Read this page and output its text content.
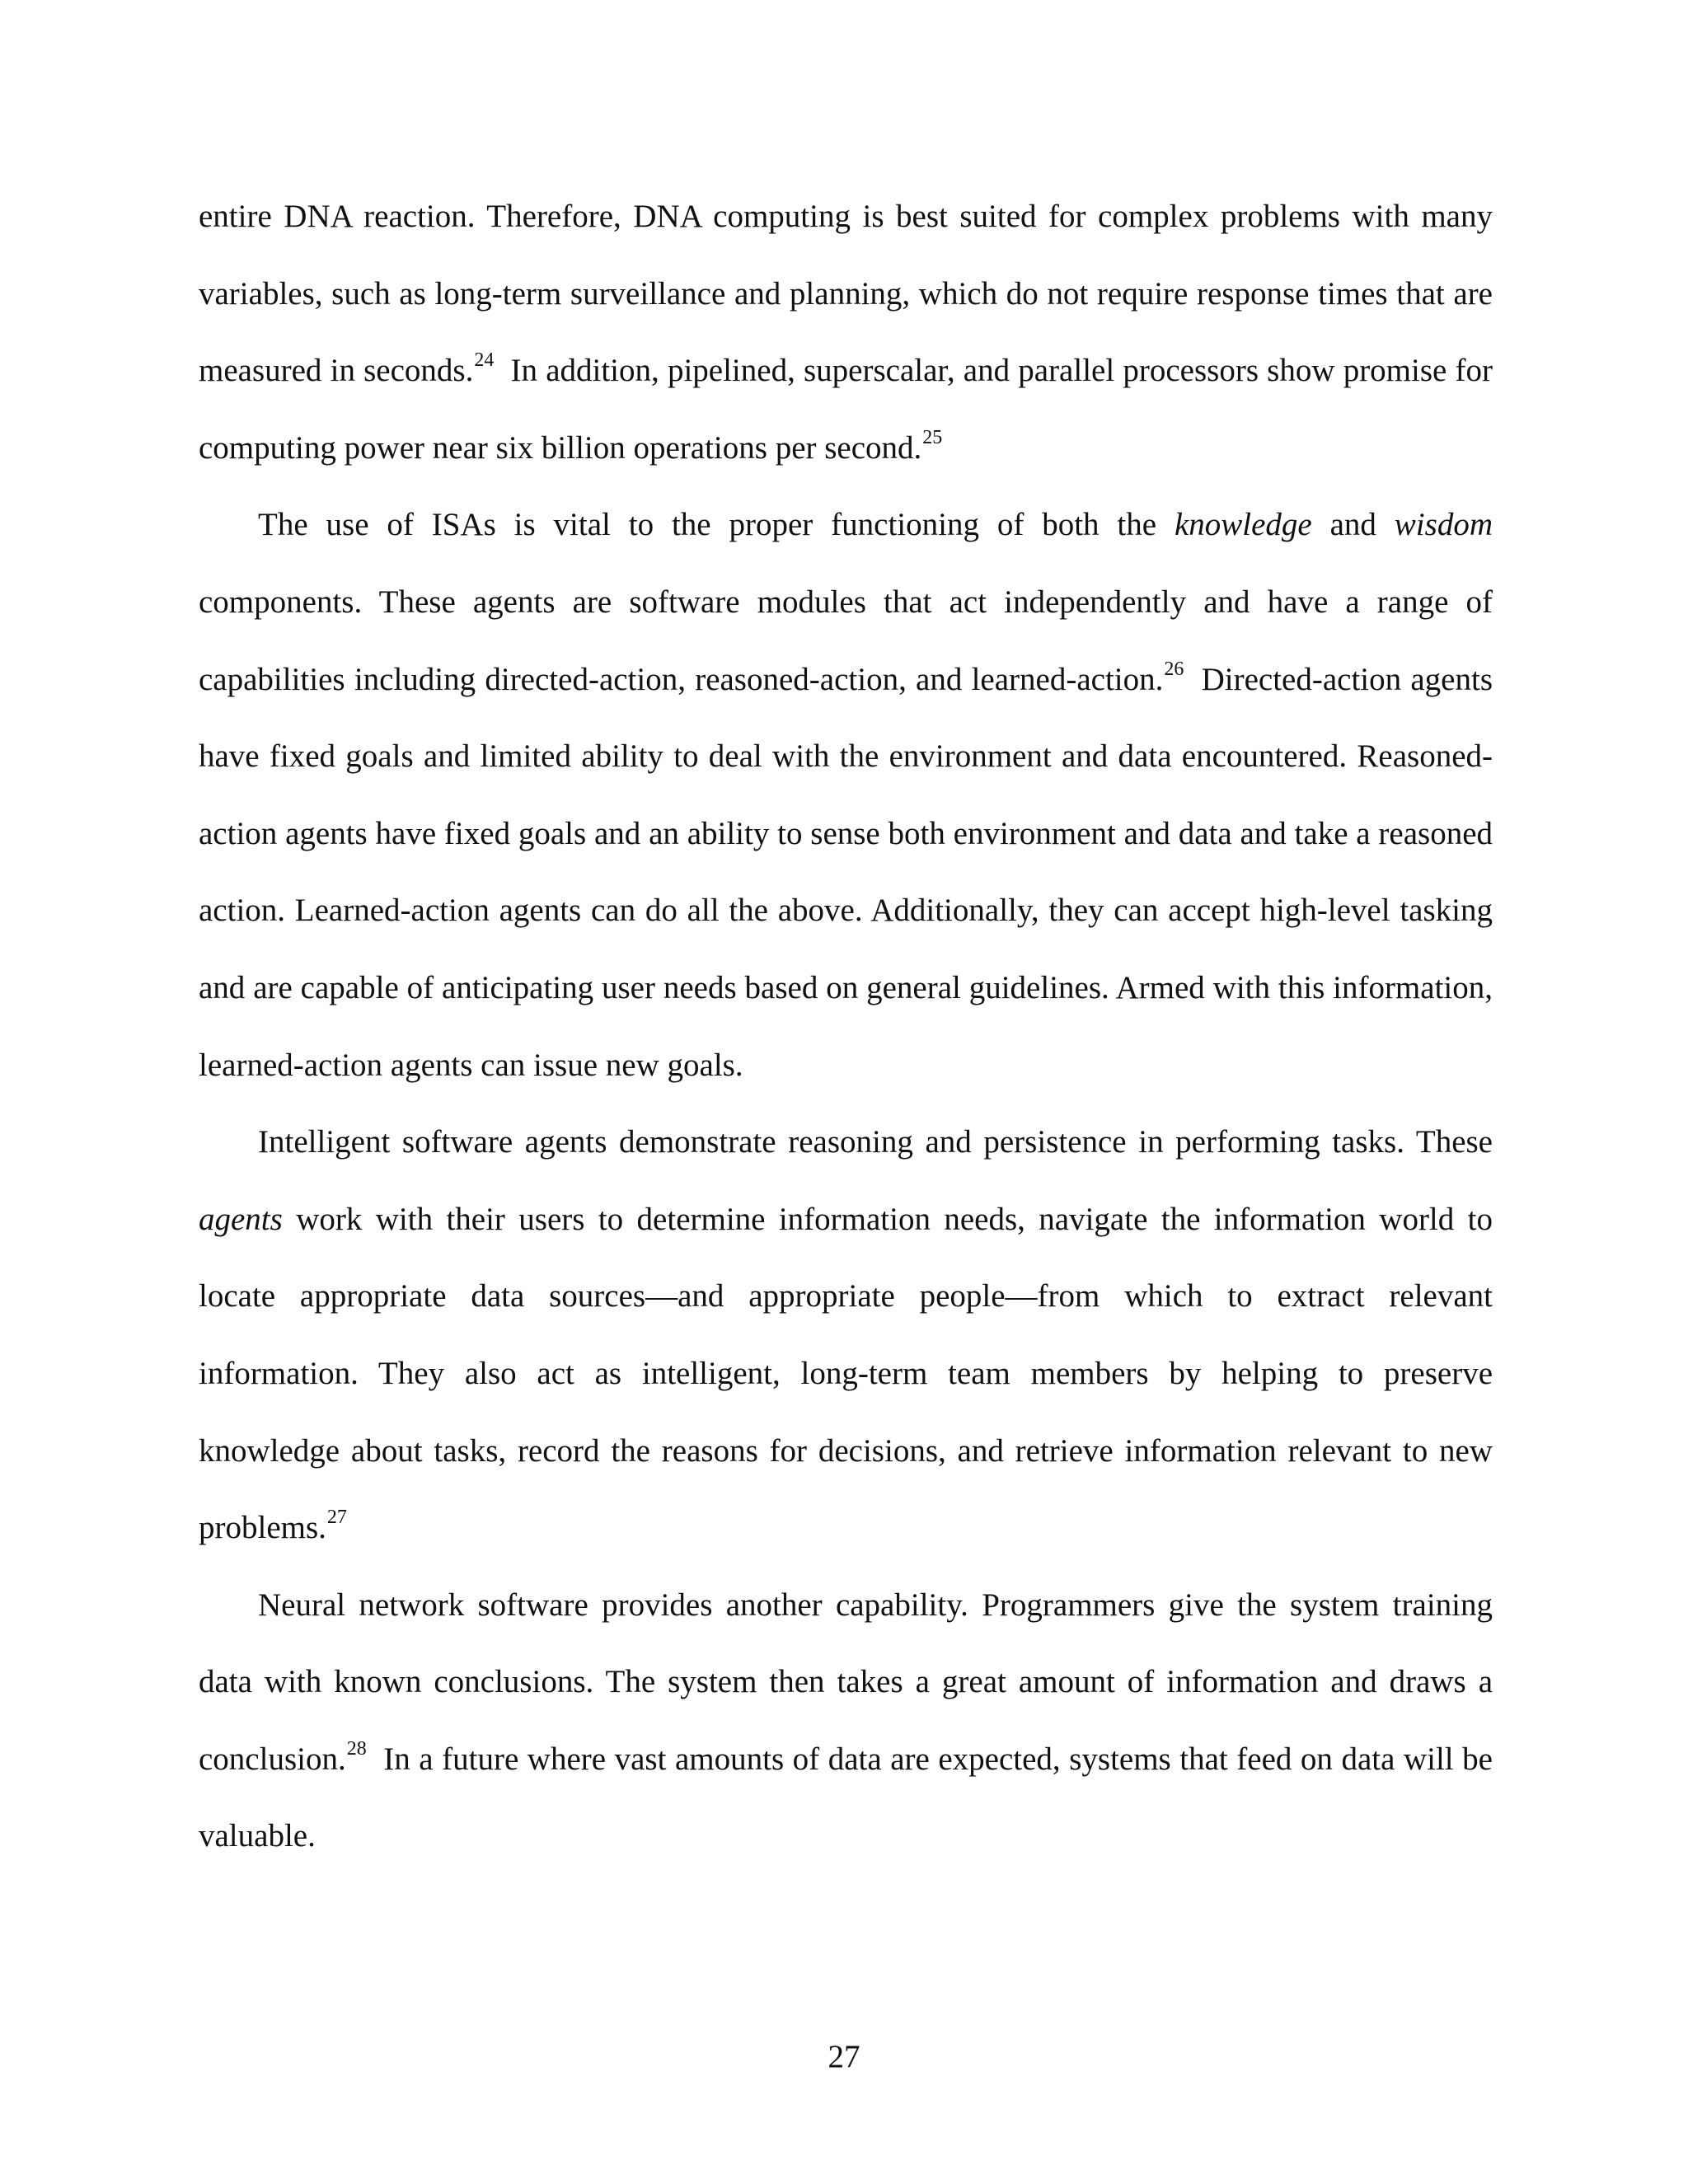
entire DNA reaction. Therefore, DNA computing is best suited for complex problems with many variables, such as long-term surveillance and planning, which do not require response times that are measured in seconds.$^{24}$ In addition, pipelined, superscalar, and parallel processors show promise for computing power near six billion operations per second.$^{25}$

The use of ISAs is vital to the proper functioning of both the knowledge and wisdom components. These agents are software modules that act independently and have a range of capabilities including directed-action, reasoned-action, and learned-action.$^{26}$ Directed-action agents have fixed goals and limited ability to deal with the environment and data encountered. Reasoned-action agents have fixed goals and an ability to sense both environment and data and take a reasoned action. Learned-action agents can do all the above. Additionally, they can accept high-level tasking and are capable of anticipating user needs based on general guidelines. Armed with this information, learned-action agents can issue new goals.

Intelligent software agents demonstrate reasoning and persistence in performing tasks. These agents work with their users to determine information needs, navigate the information world to locate appropriate data sources—and appropriate people—from which to extract relevant information. They also act as intelligent, long-term team members by helping to preserve knowledge about tasks, record the reasons for decisions, and retrieve information relevant to new problems.$^{27}$

Neural network software provides another capability. Programmers give the system training data with known conclusions. The system then takes a great amount of information and draws a conclusion.$^{28}$ In a future where vast amounts of data are expected, systems that feed on data will be valuable.

27
